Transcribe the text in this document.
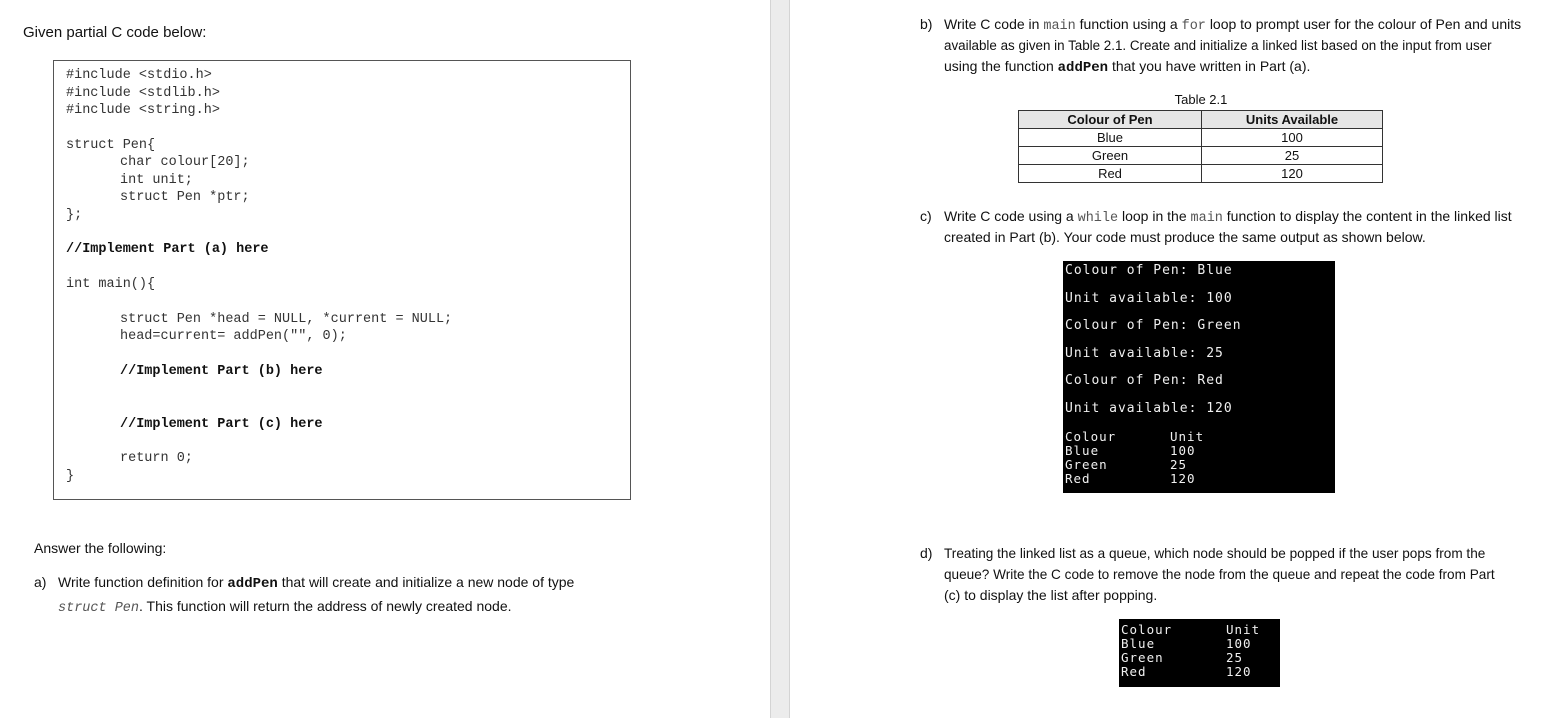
Given partial C code below:
#include <stdio.h>
#include <stdlib.h>
#include <string.h>
struct Pen{
char colour[20];
int unit;
struct Pen *ptr;
};
//Implement Part (a) here
int main(){
struct Pen *head = NULL, *current = NULL;
head=current= addPen("", 0);
//Implement Part (b) here
//Implement Part (c) here
return 0;
}
Answer the following:
a) Write function definition for addPen that will create and initialize a new node of type
struct Pen. This function will return the address of newly created node.
b) Write C code in main function using a for loop to prompt user for the colour of Pen and units
available as given in Table 2.1. Create and initialize a linked list based on the input from user
using the function addPen that you have written in Part (a).
Table 2.1
Colour of Pen	Units Available
Blue	100
Green	25
Red	120
c) Write C code using a while loop in the main function to display the content in the linked list
created in Part (b). Your code must produce the same output as shown below.
Colour of Pen: Blue
Unit available: 100
Colour of Pen: Green
Unit available: 25
Colour of Pen: Red
Unit available: 120
Colour	Unit
Blue	100
Green	25
Red	120
d) Treating the linked list as a queue, which node should be popped if the user pops from the
queue? Write the C code to remove the node from the queue and repeat the code from Part
(c) to display the list after popping.
Colour	Unit
Blue	100
Green	25
Red	120
